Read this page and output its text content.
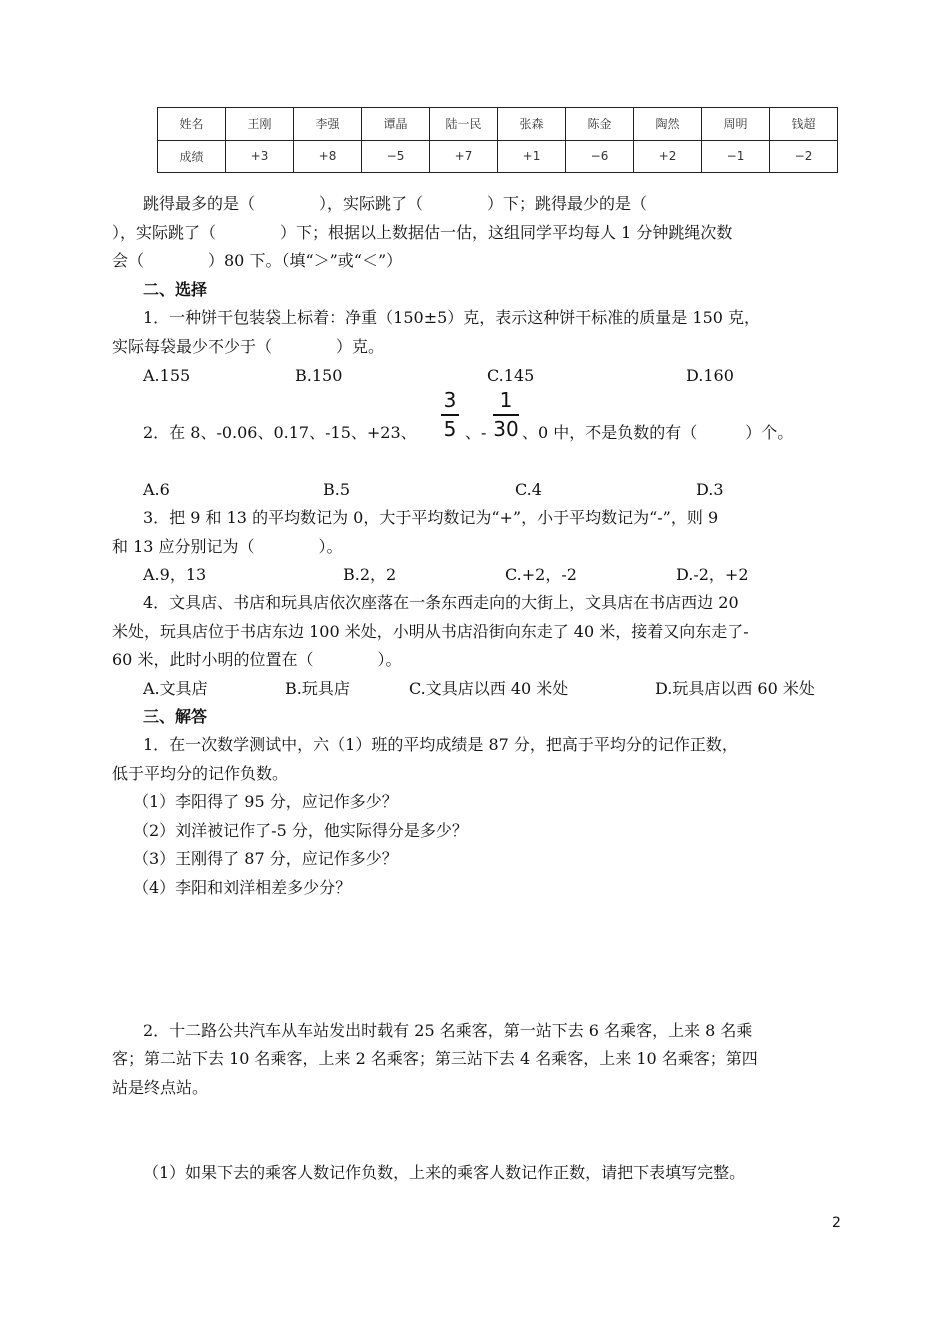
姓名	王刚	李强	谭晶	陆一民	张森	陈金	陶然	周明	钱超
成绩	+3	+8	−5	+7	+1	−6	+2	−1	−2
跳得最多的是（　　　　），实际跳了（　　　　）下；跳得最少的是（
），实际跳了（　　　　）下；根据以上数据估一估，这组同学平均每人 1 分钟跳绳次数
会（　　　　）80 下。（填“＞”或“＜”）
二、选择
1．一种饼干包装袋上标着：净重（150±5）克，表示这种饼干标准的质量是 150 克，
实际每袋最少不少于（　　　　）克。
A.155	B.150	C.145	D.160
2．在 8、-0.06、0.17、-15、+23、
3
5 、-
1
30 、0 中，不是负数的有（　　　）个。
A.6	B.5	C.4	D.3
3．把 9 和 13 的平均数记为 0，大于平均数记为“+”，小于平均数记为“-”，则 9
和 13 应分别记为（　　　　）。
A.9，13	B.2，2	C.+2，-2	D.-2，+2
4．文具店、书店和玩具店依次座落在一条东西走向的大街上，文具店在书店西边 20
米处，玩具店位于书店东边 100 米处，小明从书店沿街向东走了 40 米，接着又向东走了-
60 米，此时小明的位置在（　　　　）。
A.文具店	B.玩具店	C.文具店以西 40 米处	D.玩具店以西 60 米处
三、解答
1．在一次数学测试中，六（1）班的平均成绩是 87 分，把高于平均分的记作正数，
低于平均分的记作负数。
（1）李阳得了 95 分，应记作多少？
（2）刘洋被记作了-5 分，他实际得分是多少？
（3）王刚得了 87 分，应记作多少？
（4）李阳和刘洋相差多少分？
2．十二路公共汽车从车站发出时载有 25 名乘客，第一站下去 6 名乘客，上来 8 名乘
客；第二站下去 10 名乘客，上来 2 名乘客；第三站下去 4 名乘客，上来 10 名乘客；第四
站是终点站。
（1）如果下去的乘客人数记作负数，上来的乘客人数记作正数，请把下表填写完整。
2
